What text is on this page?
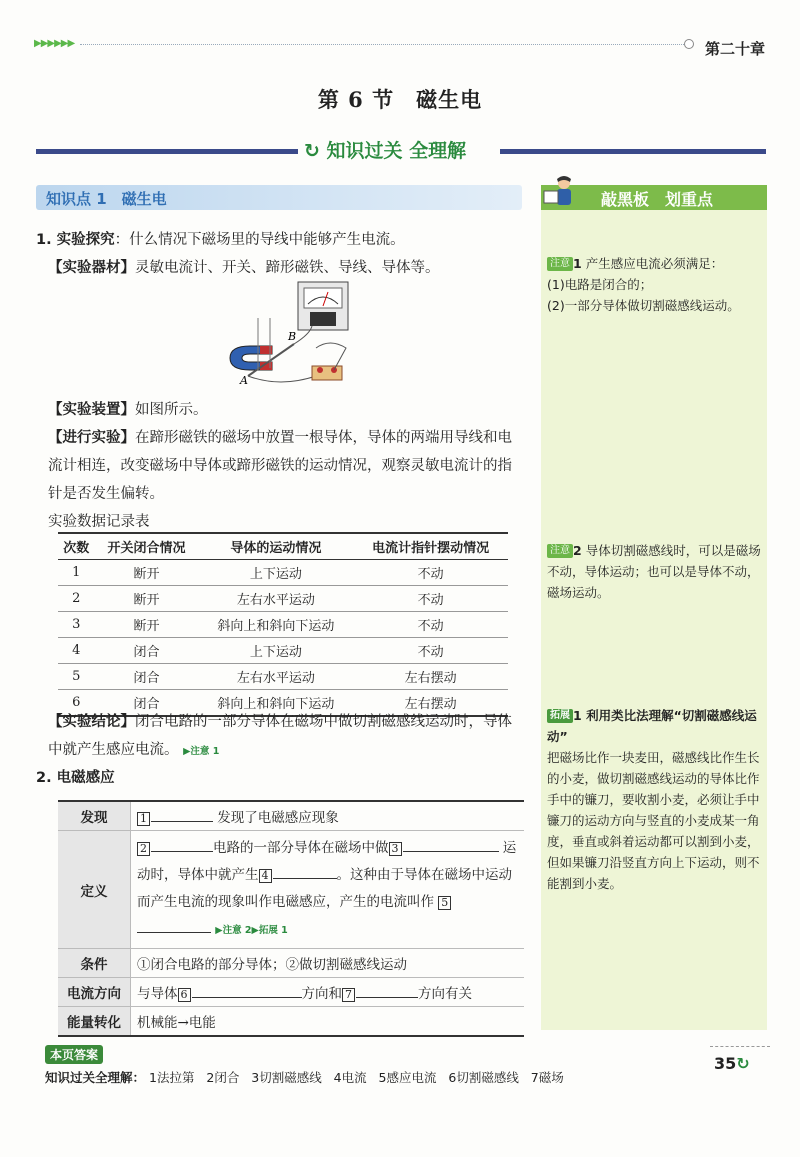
▶▶▶▶▶▶	第二十章
第 6 节　磁生电
↻ 知识过关 全理解
知识点 1　磁生电	敲黑板　划重点
注意 1 产生感应电流必须满足：
(1)电路是闭合的；
(2)一部分导体做切割磁感线运动。
注意 2 导体切割磁感线时，可以是磁场不动，导体运动；也可以是导体不动，磁场运动。
拓展 1 利用类比法理解“切割磁感线运动”
把磁场比作一块麦田，磁感线比作生长的小麦，做切割磁感线运动的导体比作手中的镰刀，要收割小麦，必须让手中镰刀的运动方向与竖直的小麦成某一角度，垂直或斜着运动都可以割到小麦，但如果镰刀沿竖直方向上下运动，则不能割到小麦。
1. 实验探究：什么情况下磁场里的导线中能够产生电流。
【实验器材】灵敏电流计、开关、蹄形磁铁、导线、导体等。
A
B
【实验装置】如图所示。
【进行实验】在蹄形磁铁的磁场中放置一根导体，导体的两端用导线和电流计相连，改变磁场中导体或蹄形磁铁的运动情况，观察灵敏电流计的指针是否发生偏转。
实验数据记录表
次数	开关闭合情况	导体的运动情况	电流计指针摆动情况
1	断开	上下运动	不动
2	断开	左右水平运动	不动
3	断开	斜向上和斜向下运动	不动
4	闭合	上下运动	不动
5	闭合	左右水平运动	左右摆动
6	闭合	斜向上和斜向下运动	左右摆动
【实验结论】闭合电路的一部分导体在磁场中做切割磁感线运动时，导体中就产生感应电流。 ▶注意 1
2. 电磁感应
发现	1 发现了电磁感应现象
定义	2 电路的一部分导体在磁场中做 3 运动时，导体中就产生 4 。这种由于导体在磁场中运动而产生电流的现象叫作电磁感应，产生的电流叫作 5 ▶注意 2▶拓展 1
条件	①闭合电路的部分导体；②做切割磁感线运动
电流方向	与导体 6 方向和 7 方向有关
能量转化	机械能→电能
本页答案
知识过关全理解： 1法拉第 2闭合 3切割磁感线 4电流 5感应电流 6切割磁感线 7磁场
35↻
